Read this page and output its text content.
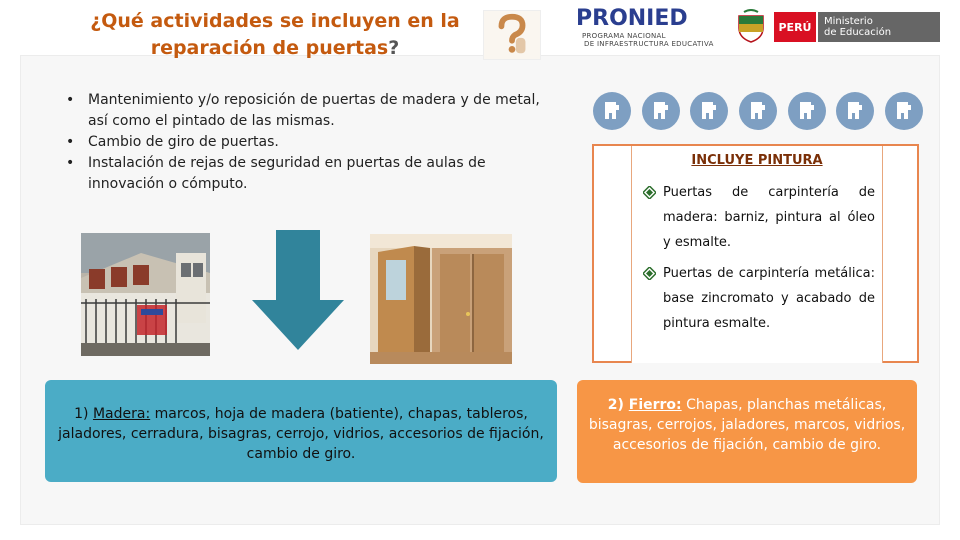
¿Qué actividades se incluyen en la
reparación de puertas?
PRONIED
PROGRAMA NACIONAL
DE INFRAESTRUCTURA EDUCATIVA
PERÚ	Ministerio
de Educación
• Mantenimiento y/o reposición de puertas de madera y de metal, así como el pintado de las mismas.
• Cambio de giro de puertas.
• Instalación de rejas de seguridad en puertas de aulas de innovación o cómputo.
INCLUYE PINTURA
Puertas de carpintería de madera: barniz, pintura al óleo y esmalte.
Puertas de carpintería metálica: base zincromato y acabado de pintura esmalte.
1) Madera: marcos, hoja de madera (batiente), chapas, tableros, jaladores, cerradura, bisagras, cerrojo, vidrios, accesorios de fijación, cambio de giro.
2) Fierro: Chapas, planchas metálicas, bisagras, cerrojos, jaladores, marcos, vidrios, accesorios de fijación, cambio de giro.
